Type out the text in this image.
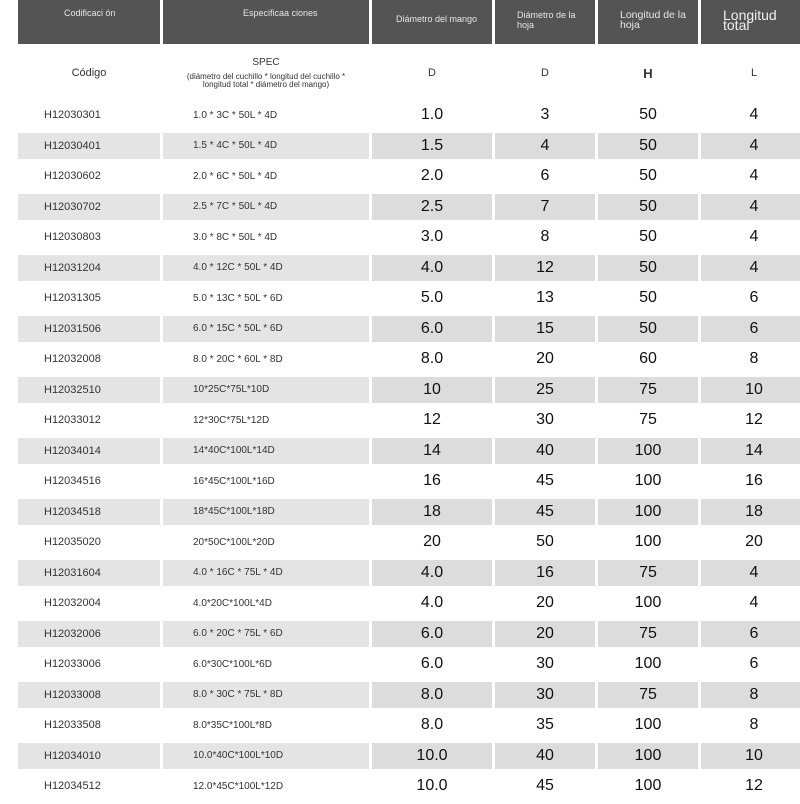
Codificaci ón	Especificaa ciones	Diámetro del mango	Diámetro de la hoja	Longitud de la hoja	Longitud total
Código	SPEC
(diámetro del cuchillo * longitud del cuchillo *
longitud total * diámetro del mango)	D	D	H	L
H12030301	1.0 * 3C * 50L * 4D	1.0	3	50	4
H12030401	1.5 * 4C * 50L * 4D	1.5	4	50	4
H12030602	2.0 * 6C * 50L * 4D	2.0	6	50	4
H12030702	2.5 * 7C * 50L * 4D	2.5	7	50	4
H12030803	3.0 * 8C * 50L * 4D	3.0	8	50	4
H12031204	4.0 * 12C * 50L * 4D	4.0	12	50	4
H12031305	5.0 * 13C * 50L * 6D	5.0	13	50	6
H12031506	6.0 * 15C * 50L * 6D	6.0	15	50	6
H12032008	8.0 * 20C * 60L * 8D	8.0	20	60	8
H12032510	10*25C*75L*10D	10	25	75	10
H12033012	12*30C*75L*12D	12	30	75	12
H12034014	14*40C*100L*14D	14	40	100	14
H12034516	16*45C*100L*16D	16	45	100	16
H12034518	18*45C*100L*18D	18	45	100	18
H12035020	20*50C*100L*20D	20	50	100	20
H12031604	4.0 * 16C * 75L * 4D	4.0	16	75	4
H12032004	4.0*20C*100L*4D	4.0	20	100	4
H12032006	6.0 * 20C * 75L * 6D	6.0	20	75	6
H12033006	6.0*30C*100L*6D	6.0	30	100	6
H12033008	8.0 * 30C * 75L * 8D	8.0	30	75	8
H12033508	8.0*35C*100L*8D	8.0	35	100	8
H12034010	10.0*40C*100L*10D	10.0	40	100	10
H12034512	12.0*45C*100L*12D	10.0	45	100	12
